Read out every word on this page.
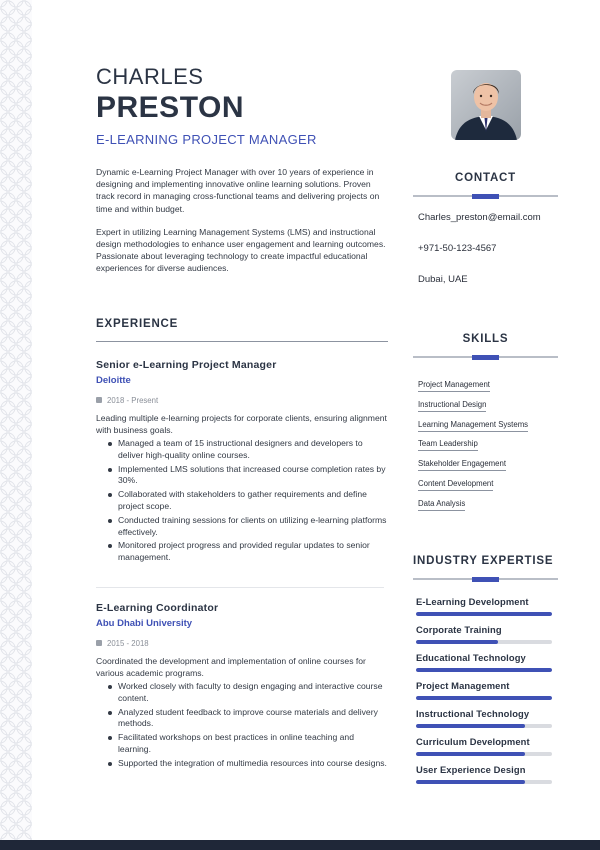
CHARLES
PRESTON
E-LEARNING PROJECT MANAGER

Dynamic e-Learning Project Manager with over 10 years of experience in designing and implementing innovative online learning solutions. Proven track record in managing cross-functional teams and delivering projects on time and within budget.

Expert in utilizing Learning Management Systems (LMS) and instructional design methodologies to enhance user engagement and learning outcomes. Passionate about leveraging technology to create impactful educational experiences for diverse audiences.

EXPERIENCE
Senior e-Learning Project Manager
Deloitte
2018 - Present
Leading multiple e-learning projects for corporate clients, ensuring alignment with business goals.
Managed a team of 15 instructional designers and developers to deliver high-quality online courses.
Implemented LMS solutions that increased course completion rates by 30%.
Collaborated with stakeholders to gather requirements and define project scope.
Conducted training sessions for clients on utilizing e-learning platforms effectively.
Monitored project progress and provided regular updates to senior management.
E-Learning Coordinator
Abu Dhabi University
2015 - 2018
Coordinated the development and implementation of online courses for various academic programs.
Worked closely with faculty to design engaging and interactive course content.
Analyzed student feedback to improve course materials and delivery methods.
Facilitated workshops on best practices in online teaching and learning.
Supported the integration of multimedia resources into course designs.
CONTACT
Charles_preston@email.com
+971-50-123-4567
Dubai, UAE
SKILLS
Project Management
Instructional Design
Learning Management Systems
Team Leadership
Stakeholder Engagement
Content Development
Data Analysis
INDUSTRY EXPERTISE
E-Learning Development
Corporate Training
Educational Technology
Project Management
Instructional Technology
Curriculum Development
User Experience Design
